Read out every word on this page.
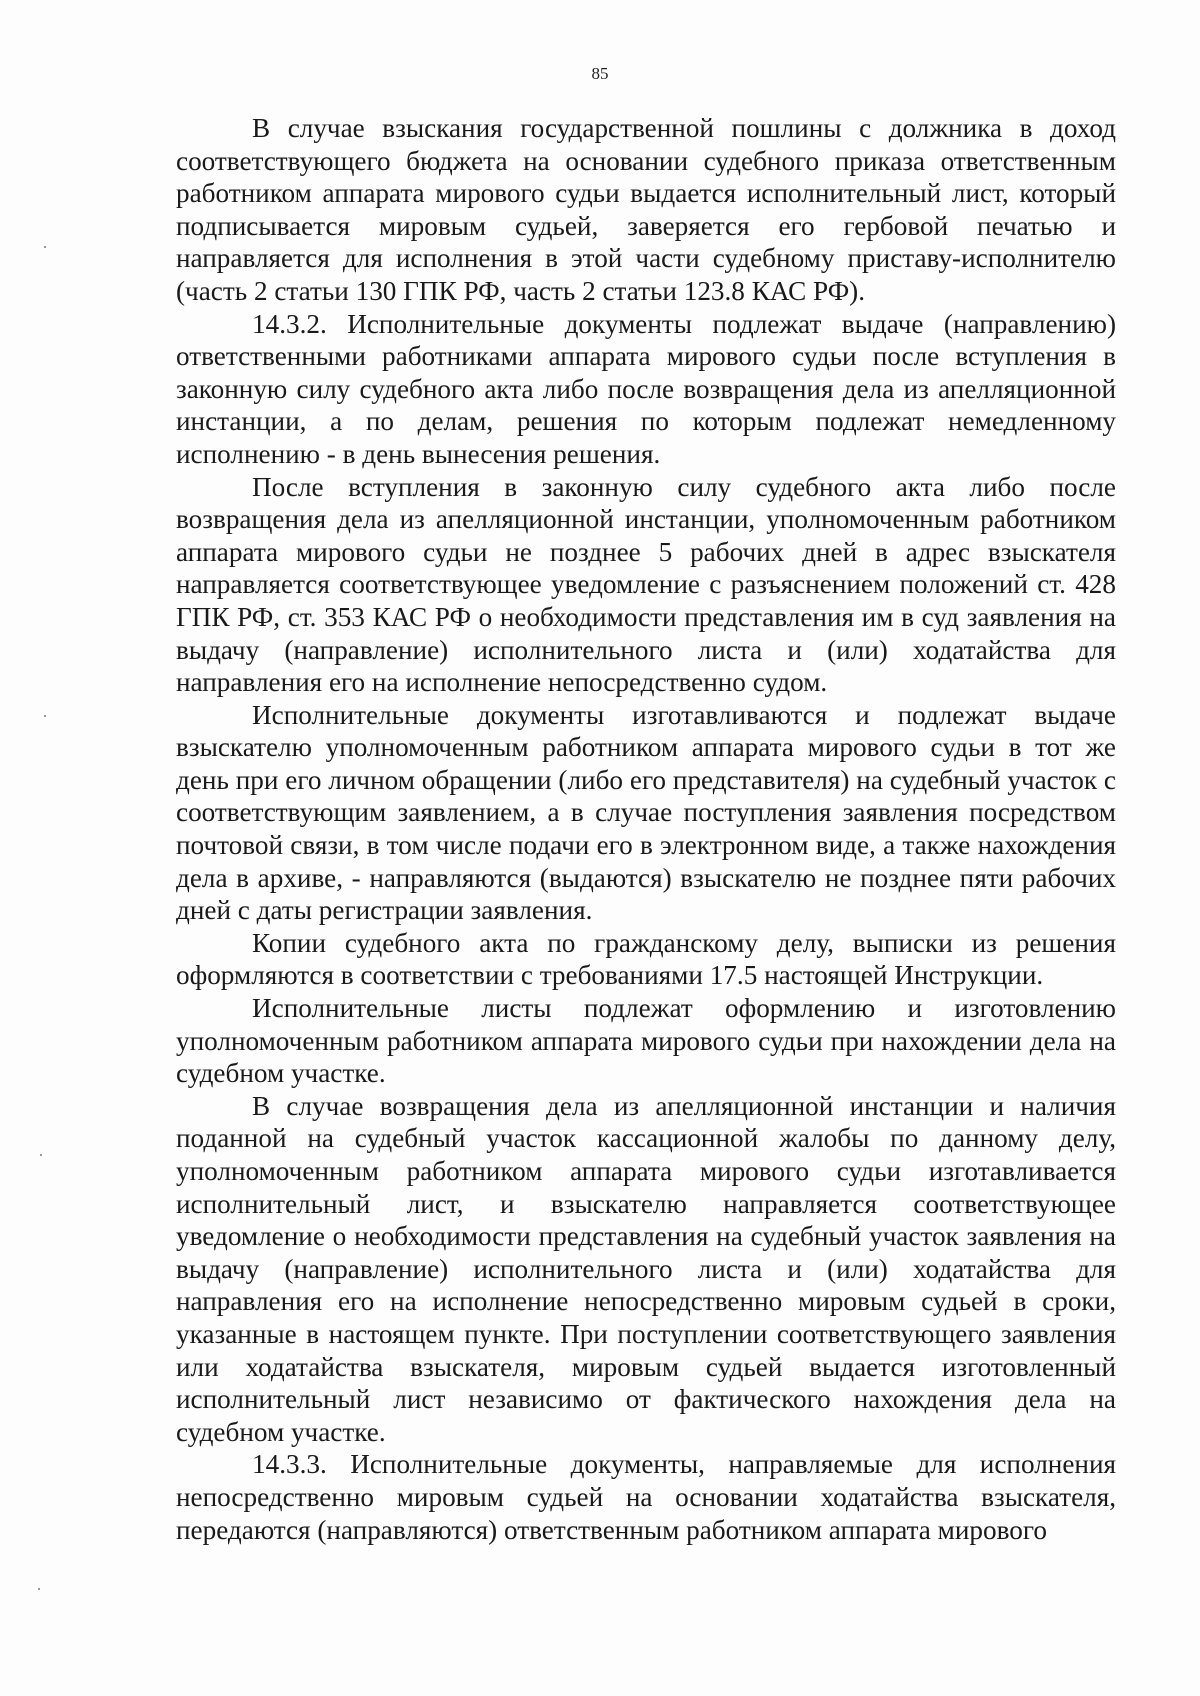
85

В случае взыскания государственной пошлины с должника в доход соответствующего бюджета на основании судебного приказа ответственным работником аппарата мирового судьи выдается исполнительный лист, который подписывается мировым судьей, заверяется его гербовой печатью и направляется для исполнения в этой части судебному приставу-исполнителю (часть 2 статьи 130 ГПК РФ, часть 2 статьи 123.8 КАС РФ).

14.3.2. Исполнительные документы подлежат выдаче (направлению) ответственными работниками аппарата мирового судьи после вступления в законную силу судебного акта либо после возвращения дела из апелляционной инстанции, а по делам, решения по которым подлежат немедленному исполнению - в день вынесения решения.

После вступления в законную силу судебного акта либо после возвращения дела из апелляционной инстанции, уполномоченным работником аппарата мирового судьи не позднее 5 рабочих дней в адрес взыскателя направляется соответствующее уведомление с разъяснением положений ст. 428 ГПК РФ, ст. 353 КАС РФ о необходимости представления им в суд заявления на выдачу (направление) исполнительного листа и (или) ходатайства для направления его на исполнение непосредственно судом.

Исполнительные документы изготавливаются и подлежат выдаче взыскателю уполномоченным работником аппарата мирового судьи в тот же день при его личном обращении (либо его представителя) на судебный участок с соответствующим заявлением, а в случае поступления заявления посредством почтовой связи, в том числе подачи его в электронном виде, а также нахождения дела в архиве, - направляются (выдаются) взыскателю не позднее пяти рабочих дней с даты регистрации заявления.

Копии судебного акта по гражданскому делу, выписки из решения оформляются в соответствии с требованиями 17.5 настоящей Инструкции.

Исполнительные листы подлежат оформлению и изготовлению уполномоченным работником аппарата мирового судьи при нахождении дела на судебном участке.

В случае возвращения дела из апелляционной инстанции и наличия поданной на судебный участок кассационной жалобы по данному делу, уполномоченным работником аппарата мирового судьи изготавливается исполнительный лист, и взыскателю направляется соответствующее уведомление о необходимости представления на судебный участок заявления на выдачу (направление) исполнительного листа и (или) ходатайства для направления его на исполнение непосредственно мировым судьей в сроки, указанные в настоящем пункте. При поступлении соответствующего заявления или ходатайства взыскателя, мировым судьей выдается изготовленный исполнительный лист независимо от фактического нахождения дела на судебном участке.

14.3.3. Исполнительные документы, направляемые для исполнения непосредственно мировым судьей на основании ходатайства взыскателя, передаются (направляются) ответственным работником аппарата мирового
